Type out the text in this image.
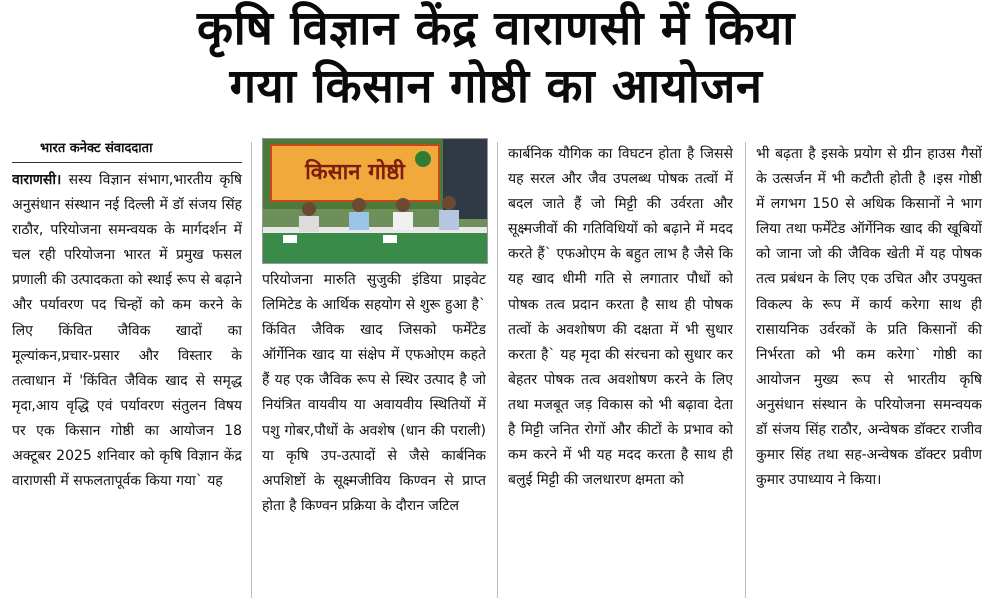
कृषि विज्ञान केंद्र वाराणसी में किया
गया किसान गोष्ठी का आयोजन
भारत कनेक्ट संवाददाता
वाराणसी। सस्य विज्ञान संभाग,भारतीय कृषि अनुसंधान संस्थान नई दिल्ली में डॉ संजय सिंह राठौर, परियोजना समन्वयक के मार्गदर्शन में चल रही परियोजना भारत में प्रमुख फसल प्रणाली की उत्पादकता को स्थाई रूप से बढ़ाने और पर्यावरण पद चिन्हों को कम करने के लिए किंवित जैविक खादों का मूल्यांकन,प्रचार-प्रसार और विस्तार के तत्वाधान में 'किंवित जैविक खाद से समृद्ध मृदा,आय वृद्धि एवं पर्यावरण संतुलन विषय पर एक किसान गोष्ठी का आयोजन 18 अक्टूबर 2025 शनिवार को कृषि विज्ञान केंद्र वाराणसी में सफलतापूर्वक किया गया` यह
किसान गोष्ठी
परियोजना मारुति सुजुकी इंडिया प्राइवेट लिमिटेड के आर्थिक सहयोग से शुरू हुआ है` किंवित जैविक खाद जिसको फर्मेंटेड ऑर्गेनिक खाद या संक्षेप में एफओएम कहते हैं यह एक जैविक रूप से स्थिर उत्पाद है जो नियंत्रित वायवीय या अवायवीय स्थितियों में पशु गोबर,पौधों के अवशेष (धान की पराली) या कृषि उप-उत्पादों से जैसे कार्बनिक अपशिष्टों के सूक्ष्मजीविय किण्वन से प्राप्त होता है किण्वन प्रक्रिया के दौरान जटिल
कार्बनिक यौगिक का विघटन होता है जिससे यह सरल और जैव उपलब्ध पोषक तत्वों में बदल जाते हैं जो मिट्टी की उर्वरता और सूक्ष्मजीवों की गतिविधियों को बढ़ाने में मदद करते हैं` एफओएम के बहुत लाभ है जैसे कि यह खाद धीमी गति से लगातार पौधों को पोषक तत्व प्रदान करता है साथ ही पोषक तत्वों के अवशोषण की दक्षता में भी सुधार करता है` यह मृदा की संरचना को सुधार कर बेहतर पोषक तत्व अवशोषण करने के लिए तथा मजबूत जड़ विकास को भी बढ़ावा देता है मिट्टी जनित रोगों और कीटों के प्रभाव को कम करने में भी यह मदद करता है साथ ही बलुई मिट्टी की जलधारण क्षमता को
भी बढ़ता है इसके प्रयोग से ग्रीन हाउस गैसों के उत्सर्जन में भी कटौती होती है ।इस गोष्ठी में लगभग 150 से अधिक किसानों ने भाग लिया तथा फर्मेंटेड ऑर्गेनिक खाद की खूबियों को जाना जो की जैविक खेती में यह पोषक तत्व प्रबंधन के लिए एक उचित और उपयुक्त विकल्प के रूप में कार्य करेगा साथ ही रासायनिक उर्वरकों के प्रति किसानों की निर्भरता को भी कम करेगा` गोष्ठी का आयोजन मुख्य रूप से भारतीय कृषि अनुसंधान संस्थान के परियोजना समन्वयक डॉ संजय सिंह राठौर, अन्वेषक डॉक्टर राजीव कुमार सिंह तथा सह-अन्वेषक डॉक्टर प्रवीण कुमार उपाध्याय ने किया।
